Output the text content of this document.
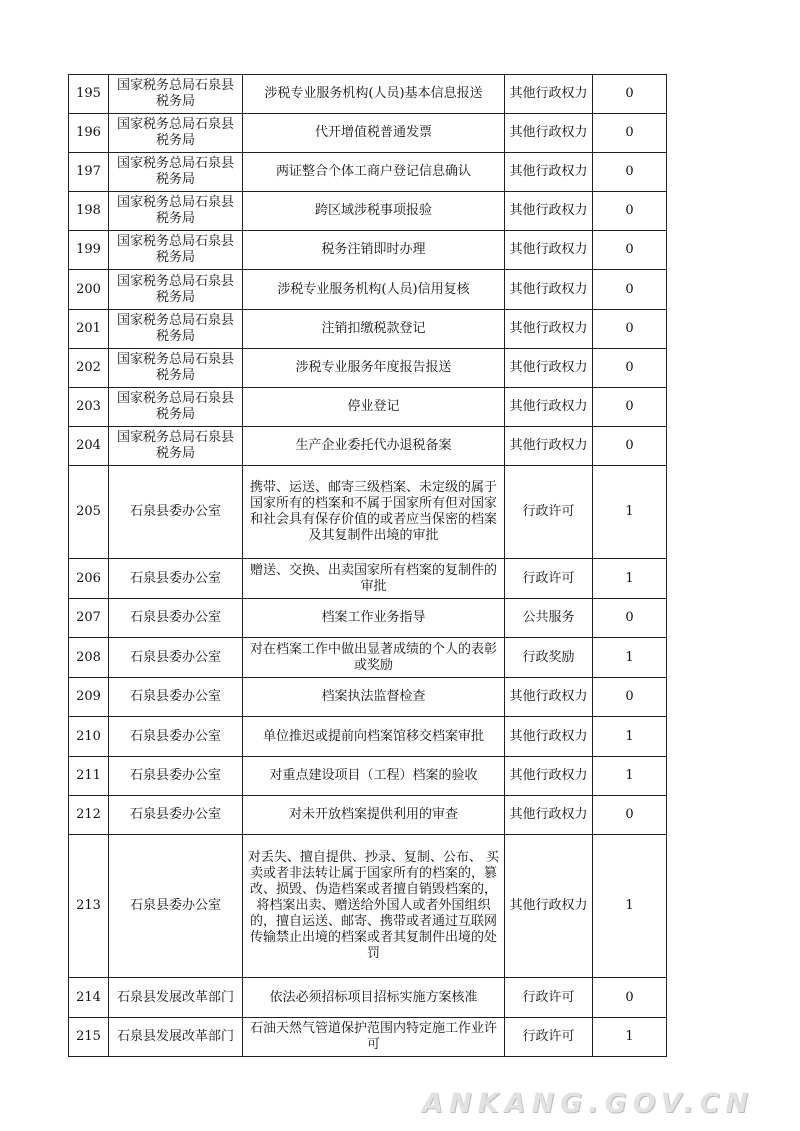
195	国家税务总局石泉县税务局	涉税专业服务机构(人员)基本信息报送	其他行政权力	0
196	国家税务总局石泉县税务局	代开增值税普通发票	其他行政权力	0
197	国家税务总局石泉县税务局	两证整合个体工商户登记信息确认	其他行政权力	0
198	国家税务总局石泉县税务局	跨区域涉税事项报验	其他行政权力	0
199	国家税务总局石泉县税务局	税务注销即时办理	其他行政权力	0
200	国家税务总局石泉县税务局	涉税专业服务机构(人员)信用复核	其他行政权力	0
201	国家税务总局石泉县税务局	注销扣缴税款登记	其他行政权力	0
202	国家税务总局石泉县税务局	涉税专业服务年度报告报送	其他行政权力	0
203	国家税务总局石泉县税务局	停业登记	其他行政权力	0
204	国家税务总局石泉县税务局	生产企业委托代办退税备案	其他行政权力	0
205	石泉县委办公室	携带、运送、邮寄三级档案、未定级的属于国家所有的档案和不属于国家所有但对国家和社会具有保存价值的或者应当保密的档案及其复制件出境的审批	行政许可	1
206	石泉县委办公室	赠送、交换、出卖国家所有档案的复制件的审批	行政许可	1
207	石泉县委办公室	档案工作业务指导	公共服务	0
208	石泉县委办公室	对在档案工作中做出显著成绩的个人的表彰或奖励	行政奖励	1
209	石泉县委办公室	档案执法监督检查	其他行政权力	0
210	石泉县委办公室	单位推迟或提前向档案馆移交档案审批	其他行政权力	1
211	石泉县委办公室	对重点建设项目（工程）档案的验收	其他行政权力	1
212	石泉县委办公室	对未开放档案提供利用的审查	其他行政权力	0
213	石泉县委办公室	对丢失、擅自提供、抄录、复制、公布、 买卖或者非法转让属于国家所有的档案的，篡改、损毁、伪造档案或者擅自销毁档案的， 将档案出卖、赠送给外国人或者外国组织的，擅自运送、邮寄、携带或者通过互联网传输禁止出境的档案或者其复制件出境的处罚	其他行政权力	1
214	石泉县发展改革部门	依法必须招标项目招标实施方案核准	行政许可	0
215	石泉县发展改革部门	石油天然气管道保护范围内特定施工作业许可	行政许可	1
ANKANG.GOV.CN
